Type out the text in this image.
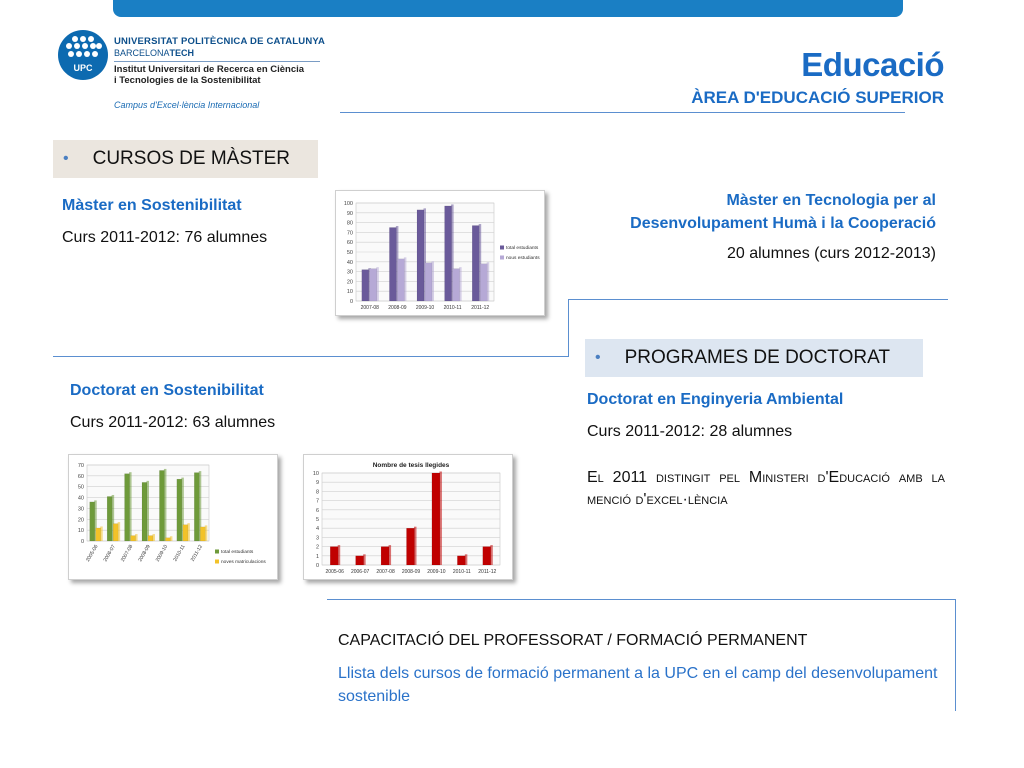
UPC
UNIVERSITAT POLITÈCNICA DE CATALUNYA
BARCELONATECH
Institut Universitari de Recerca en Ciència
i Tecnologies de la Sostenibilitat
Campus d'Excel·lència Internacional
Educació
ÀREA D'EDUCACIÓ SUPERIOR
• CURSOS DE MÀSTER
Màster en Sostenibilitat
Curs 2011-2012: 76 alumnes
Màster en Tecnologia per al
Desenvolupament Humà i la Cooperació
20 alumnes (curs 2012-2013)
0
10
20
30
40
50
60
70
80
90
100
2007-08 2008-09 2009-10 2010-11 2011-12
total estudiants
nous estudiants
• PROGRAMES DE DOCTORAT
Doctorat en Sostenibilitat
Curs 2011-2012: 63 alumnes
Doctorat en Enginyeria Ambiental
Curs 2011-2012: 28 alumnes
El 2011 distingit pel Ministeri d'Educació amb la menció d'excel·lència
0
10
20
30
40
50
60
70
2005-06 2006-07 2007-08 2008-09 2009-10 2010-11 2011-12	total estudiants
noves matriculacions
Nombre de tesis llegides
0
1
2
3
4
5
6
7
8
9
10
2005-06 2006-07 2007-08 2008-09 2009-10 2010-11 2011-12
CAPACITACIÓ DEL PROFESSORAT / FORMACIÓ PERMANENT
Llista dels cursos de formació permanent a la UPC en el camp del desenvolupament sostenible
